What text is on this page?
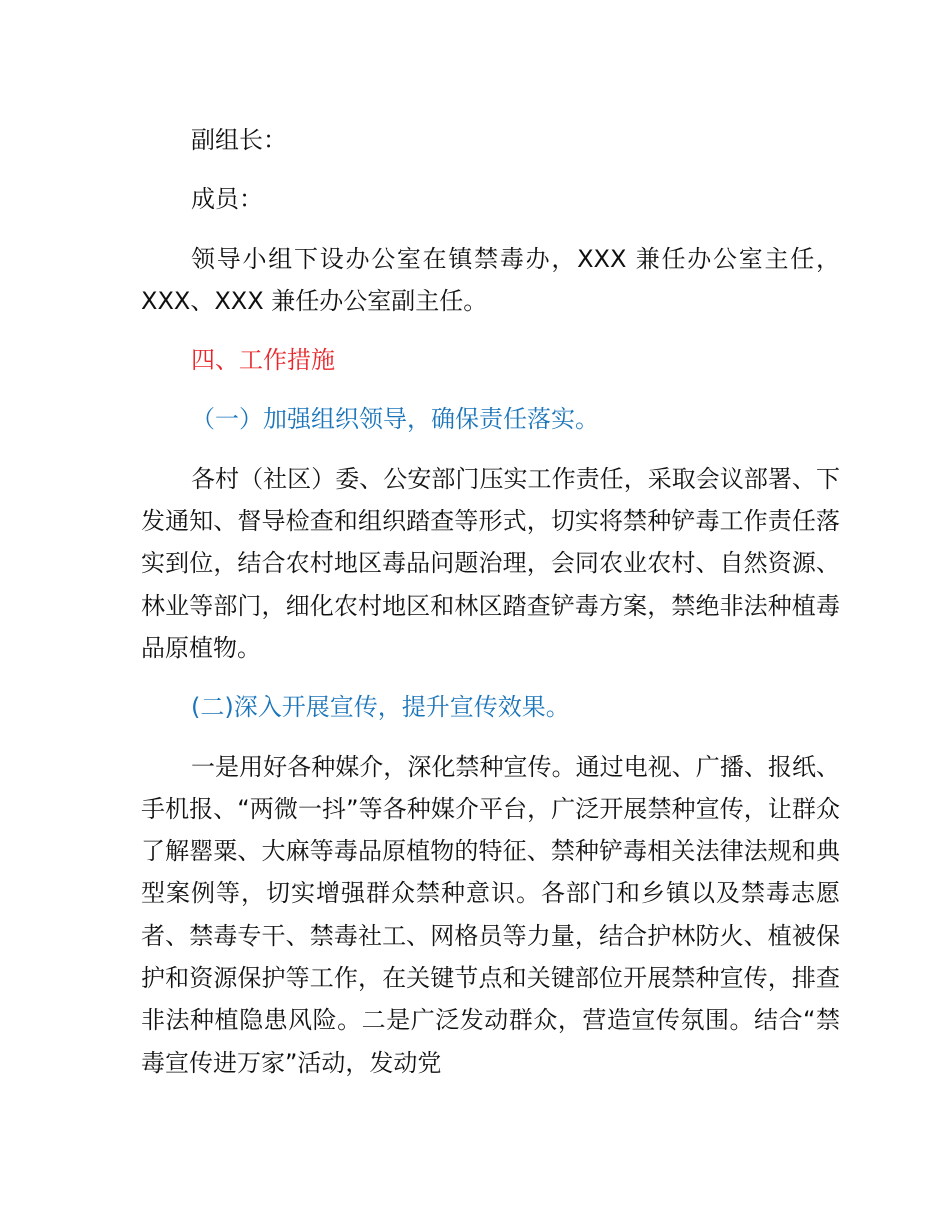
副组长：

成员：

领导小组下设办公室在镇禁毒办，XXX 兼任办公室主任，XXX、XXX 兼任办公室副主任。

四、工作措施

（一）加强组织领导，确保责任落实。

各村（社区）委、公安部门压实工作责任，采取会议部署、下发通知、督导检查和组织踏查等形式，切实将禁种铲毒工作责任落实到位，结合农村地区毒品问题治理，会同农业农村、自然资源、林业等部门，细化农村地区和林区踏查铲毒方案，禁绝非法种植毒品原植物。

(二)深入开展宣传，提升宣传效果。

一是用好各种媒介，深化禁种宣传。通过电视、广播、报纸、手机报、“两微一抖”等各种媒介平台，广泛开展禁种宣传，让群众了解罂粟、大麻等毒品原植物的特征、禁种铲毒相关法律法规和典型案例等，切实增强群众禁种意识。各部门和乡镇以及禁毒志愿者、禁毒专干、禁毒社工、网格员等力量，结合护林防火、植被保护和资源保护等工作，在关键节点和关键部位开展禁种宣传，排查非法种植隐患风险。二是广泛发动群众，营造宣传氛围。结合“禁毒宣传进万家”活动，发动党
